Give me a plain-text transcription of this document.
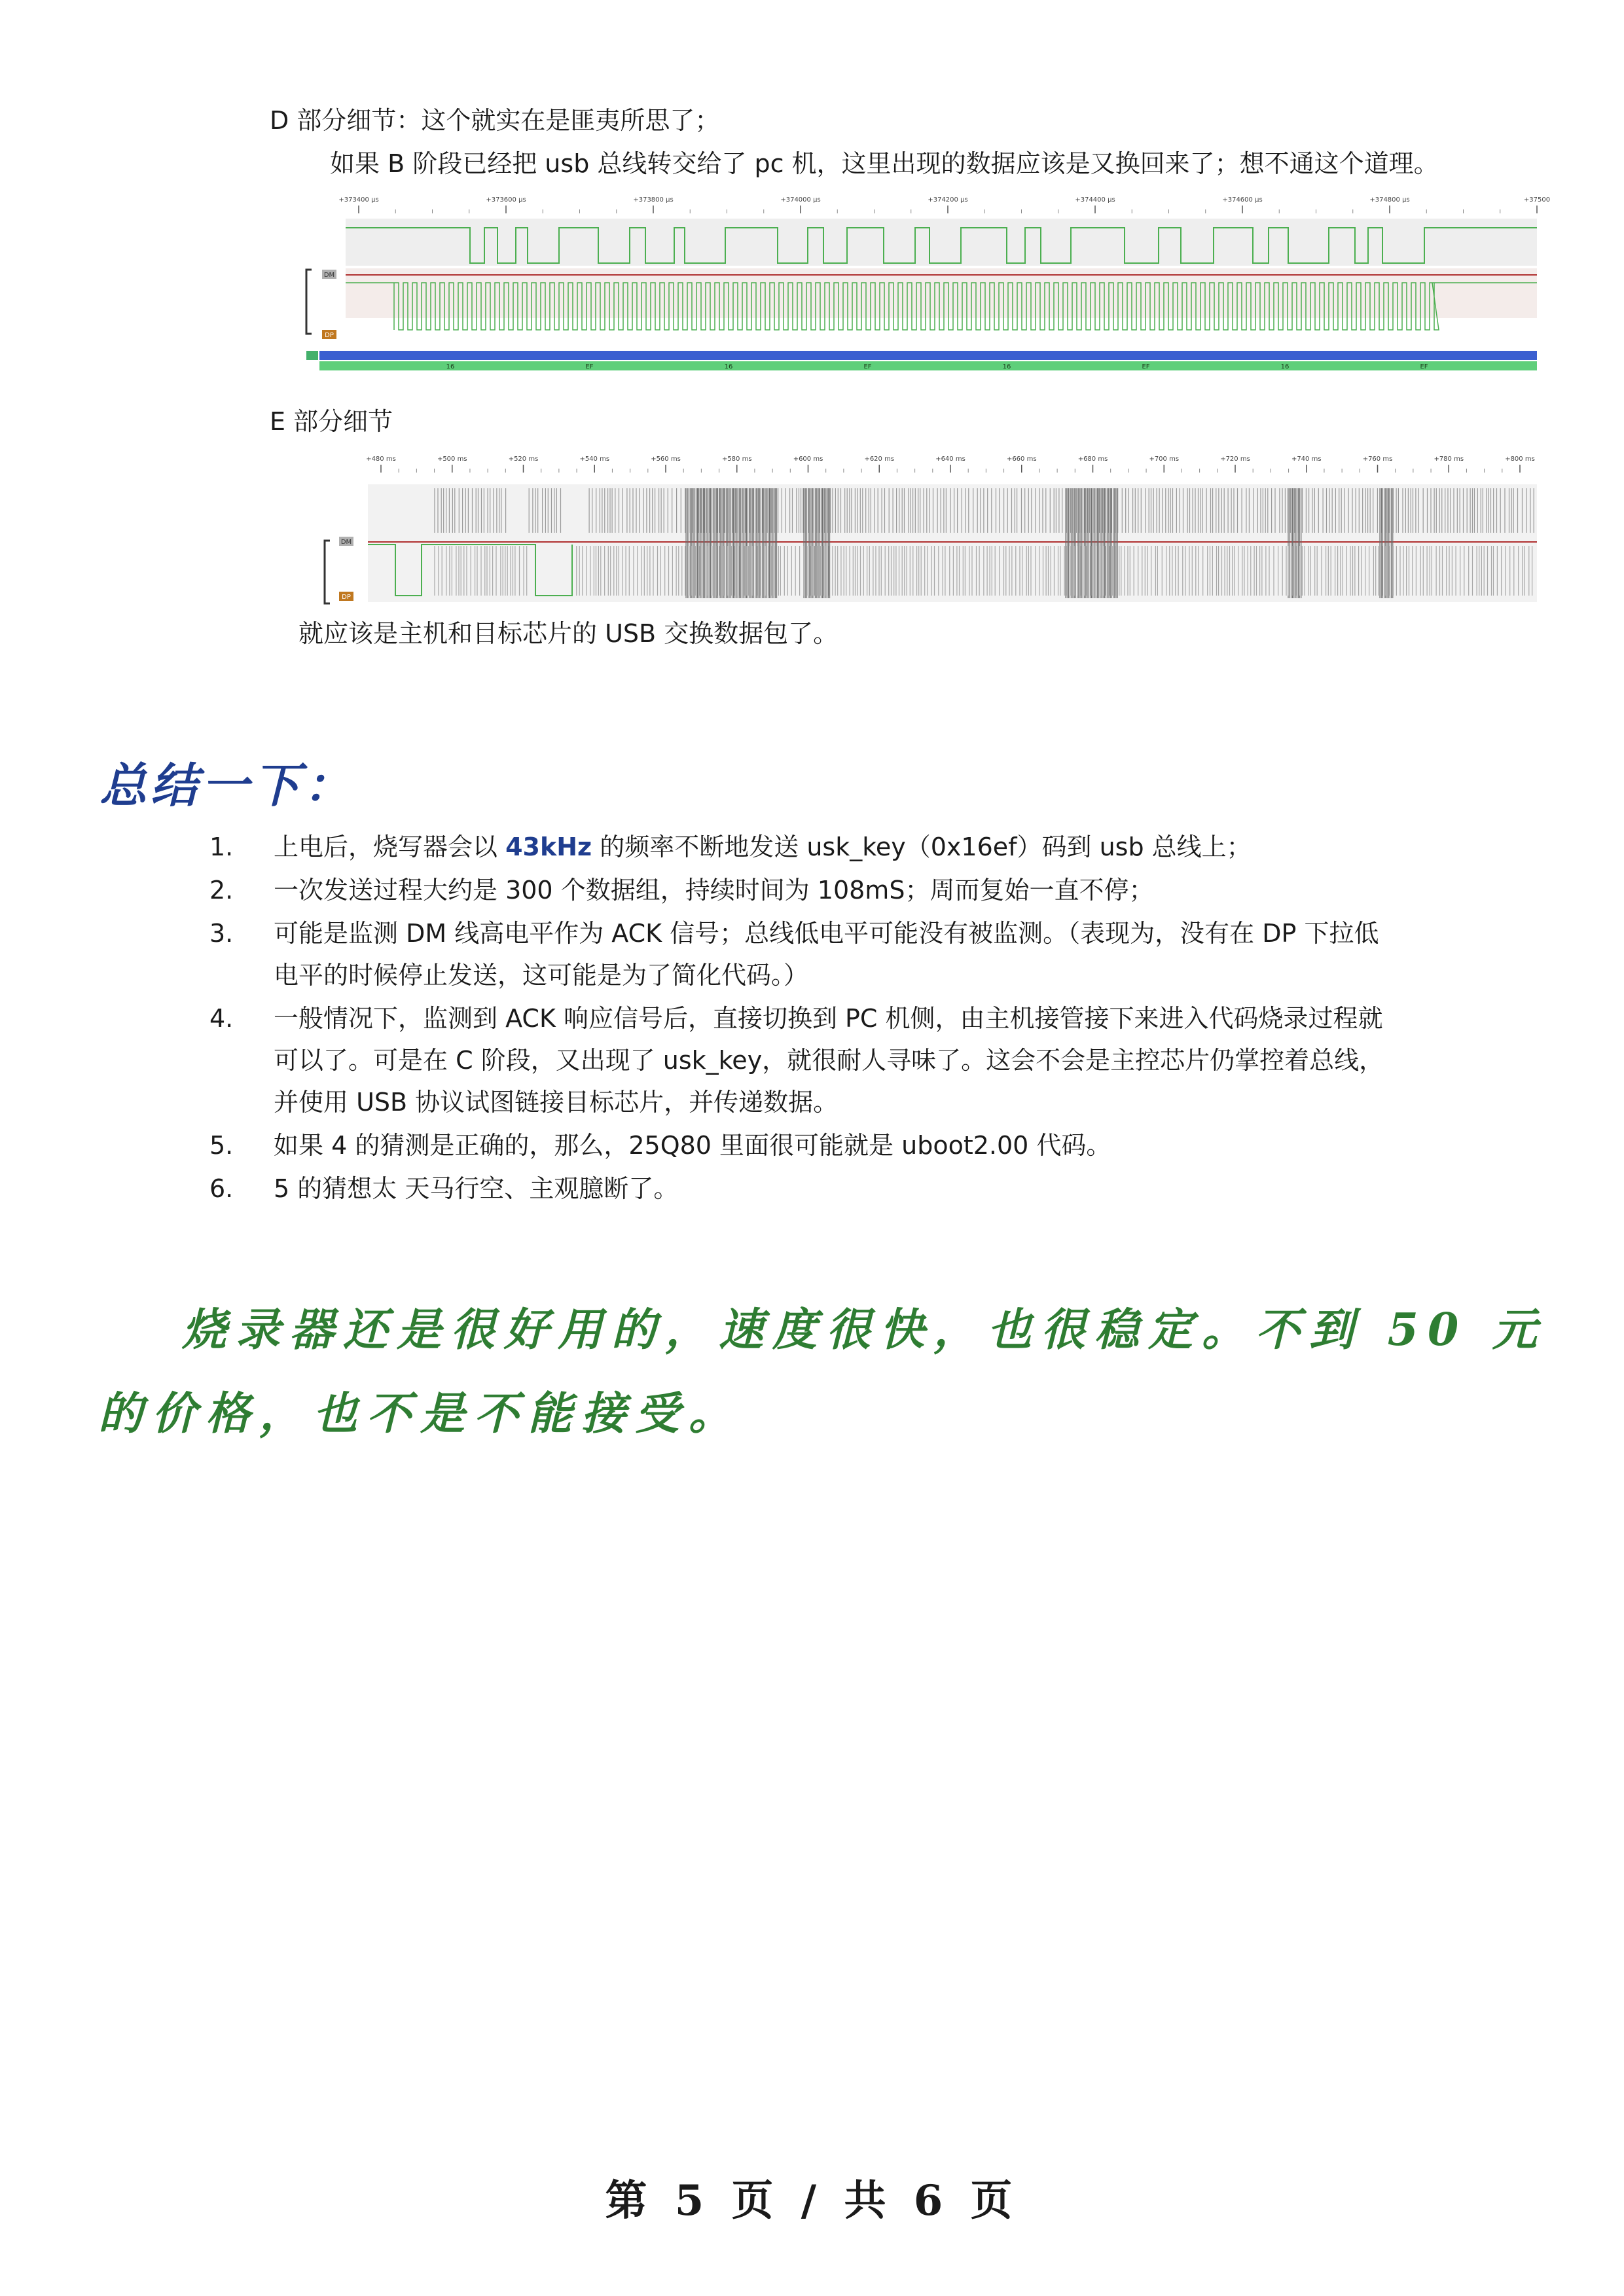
D 部分细节：这个就实在是匪夷所思了；
如果 B 阶段已经把 usb 总线转交给了 pc 机，这里出现的数据应该是又换回来了；想不通这个道理。
+373400 µs	+373600 µs	+373800 µs	+374000 µs	+374200 µs	+374400 µs	+374600 µs	+374800 µs	+37500
DM
DP
16	EF	16	EF	16	EF	16	EF
E 部分细节
+480 ms	+500 ms	+520 ms	+540 ms	+560 ms	+580 ms	+600 ms	+620 ms	+640 ms	+660 ms	+680 ms	+700 ms	+720 ms	+740 ms	+760 ms	+780 ms	+800 ms
DM
DP
就应该是主机和目标芯片的 USB 交换数据包了。
总结一下：
1. 上电后，烧写器会以 43kHz 的频率不断地发送 usk_key（0x16ef）码到 usb 总线上；
2. 一次发送过程大约是 300 个数据组，持续时间为 108mS；周而复始一直不停；
3. 可能是监测 DM 线高电平作为 ACK 信号；总线低电平可能没有被监测。（表现为，没有在 DP 下拉低
电平的时候停止发送，这可能是为了简化代码。）
4. 一般情况下，监测到 ACK 响应信号后，直接切换到 PC 机侧，由主机接管接下来进入代码烧录过程就
可以了。可是在 C 阶段，又出现了 usk_key，就很耐人寻味了。这会不会是主控芯片仍掌控着总线，
并使用 USB 协议试图链接目标芯片，并传递数据。
5. 如果 4 的猜测是正确的，那么，25Q80 里面很可能就是 uboot2.00 代码。
6. 5 的猜想太 天马行空、主观臆断了。
烧录器还是很好用的，速度很快，也很稳定。不到 50 元
的价格，也不是不能接受。
第 5 页 / 共 6 页
